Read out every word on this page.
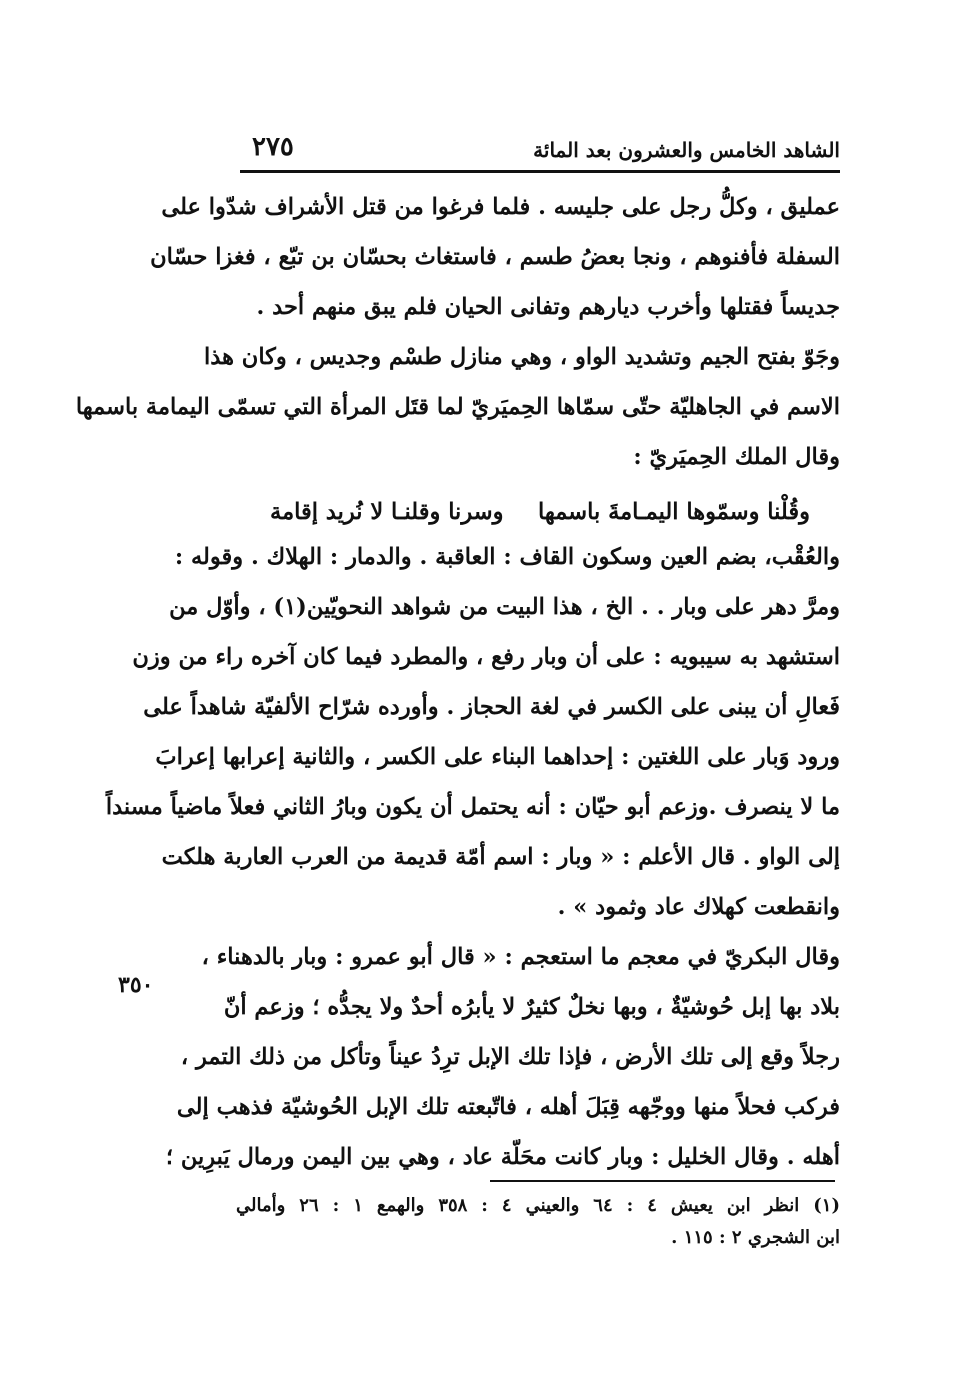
٢٧٥	الشاهد الخامس والعشرون بعد المائة

عمليق ، وكلُّ رجل على جليسه . فلما فرغوا من قتل الأشراف شدّوا على

السفلة فأفنوهم ، ونجا بعضُ طسم ، فاستغاث بحسّان بن تبّع ، فغزا حسّان

جديساً فقتلها وأخرب ديارهم وتفانى الحيان فلم يبق منهم أحد .

وجَوّ بفتح الجيم وتشديد الواو ، وهي منازل طسْم وجديس ، وكان هذا

الاسم في الجاهليّة حتّى سمّاها الحِميَريّ لما قتَل المرأة التي تسمّى اليمامة باسمها

وقال الملك الحِميَريّ :

والعُقْب، بضم العين وسكون القاف : العاقبة . والدمار : الهلاك . وقوله :

ومرَّ دهر على وبار . . الخ ، هذا البيت من شواهد النحويّين(١) ، وأوّل من

استشهد به سيبويه : على أن وبار رفع ، والمطرد فيما كان آخره راء من وزن

فَعالِ أن يبنى على الكسر في لغة الحجاز . وأورده شرّاح الألفيّة شاهداً على

ورود وَبار على اللغتين : إحداهما البناء على الكسر ، والثانية إعرابها إعرابَ

ما لا ينصرف .وزعم أبو حيّان : أنه يحتمل أن يكون وبارُ الثاني فعلاً ماضياً مسنداً

إلى الواو . قال الأعلم : « وبار : اسم أمّة قديمة من العرب العاربة هلكت

وانقطعت كهلاك عاد وثمود » .

وقال البكريّ في معجم ما استعجم : « قال أبو عمرو : وبار بالدهناء ،

بلاد بها إبل حُوشيّةٌ ، وبها نخلٌ كثيرٌ لا يأبرُه أحدٌ ولا يجدُّه ؛ وزعم أنّ

رجلاً وقع إلى تلك الأرض ، فإذا تلك الإبل ترِدُ عيناً وتأكل من ذلك التمر ،

فركب فحلاً منها ووجّهه قِبَلَ أهله ، فاتّبعته تلك الإبل الحُوشيّة فذهب إلى

أهله . وقال الخليل : وبار كانت محَلّة عاد ، وهي بين اليمن ورمال يَبرِين ؛

وقُلْنا وسمّوها اليمـامةَ باسمها
وسرنا وقلنـا لا نُريد إقامة
٣٥٠

(١) انظر ابن يعيش ٤ : ٦٤ والعيني ٤ : ٣٥٨ والهمع ١ : ٢٦ وأمالي

ابن الشجري ٢ : ١١٥ .
